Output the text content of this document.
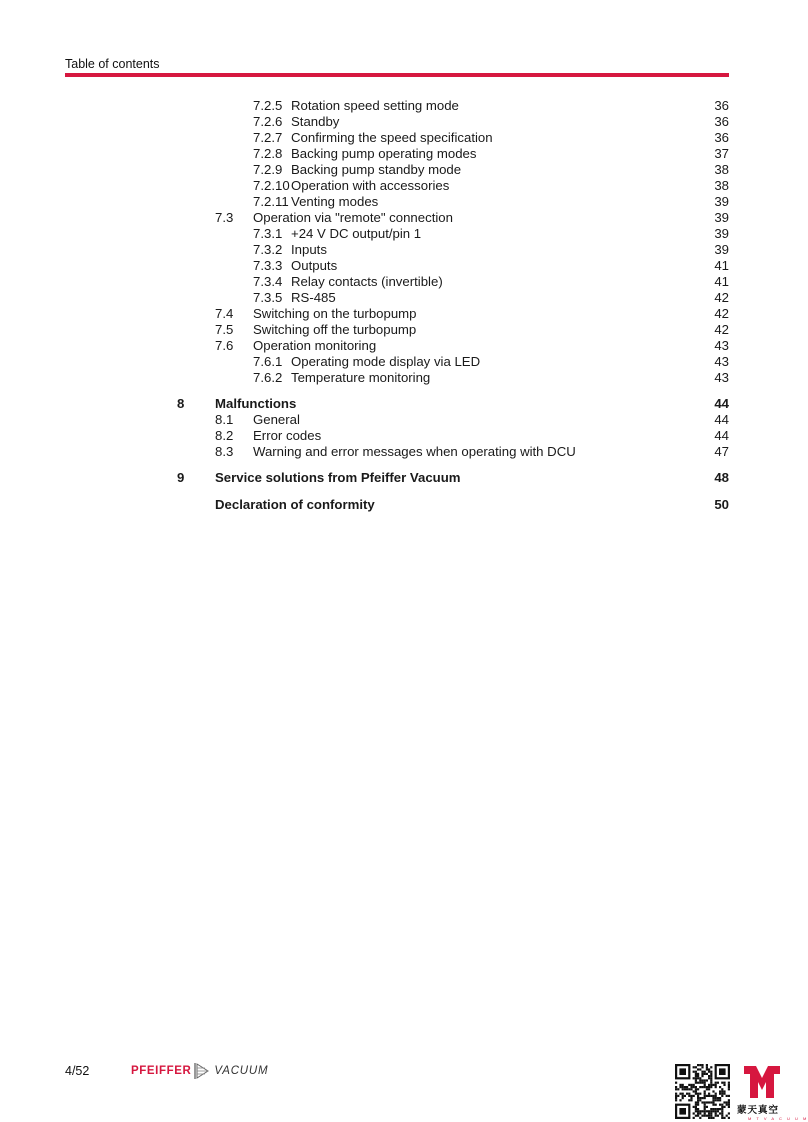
Table of contents
7.2.5 Rotation speed setting mode	36
7.2.6 Standby	36
7.2.7 Confirming the speed specification	36
7.2.8 Backing pump operating modes	37
7.2.9 Backing pump standby mode	38
7.2.10 Operation with accessories	38
7.2.11 Venting modes	39
7.3 Operation via "remote" connection	39
7.3.1 +24 V DC output/pin 1	39
7.3.2 Inputs	39
7.3.3 Outputs	41
7.3.4 Relay contacts (invertible)	41
7.3.5 RS-485	42
7.4 Switching on the turbopump	42
7.5 Switching off the turbopump	42
7.6 Operation monitoring	43
7.6.1 Operating mode display via LED	43
7.6.2 Temperature monitoring	43
8 Malfunctions	44
8.1 General	44
8.2 Error codes	44
8.3 Warning and error messages when operating with DCU	47
9 Service solutions from Pfeiffer Vacuum	48
Declaration of conformity	50
4/52	PFEIFFER VACUUM
蒙天真空
M T V A C U U M
